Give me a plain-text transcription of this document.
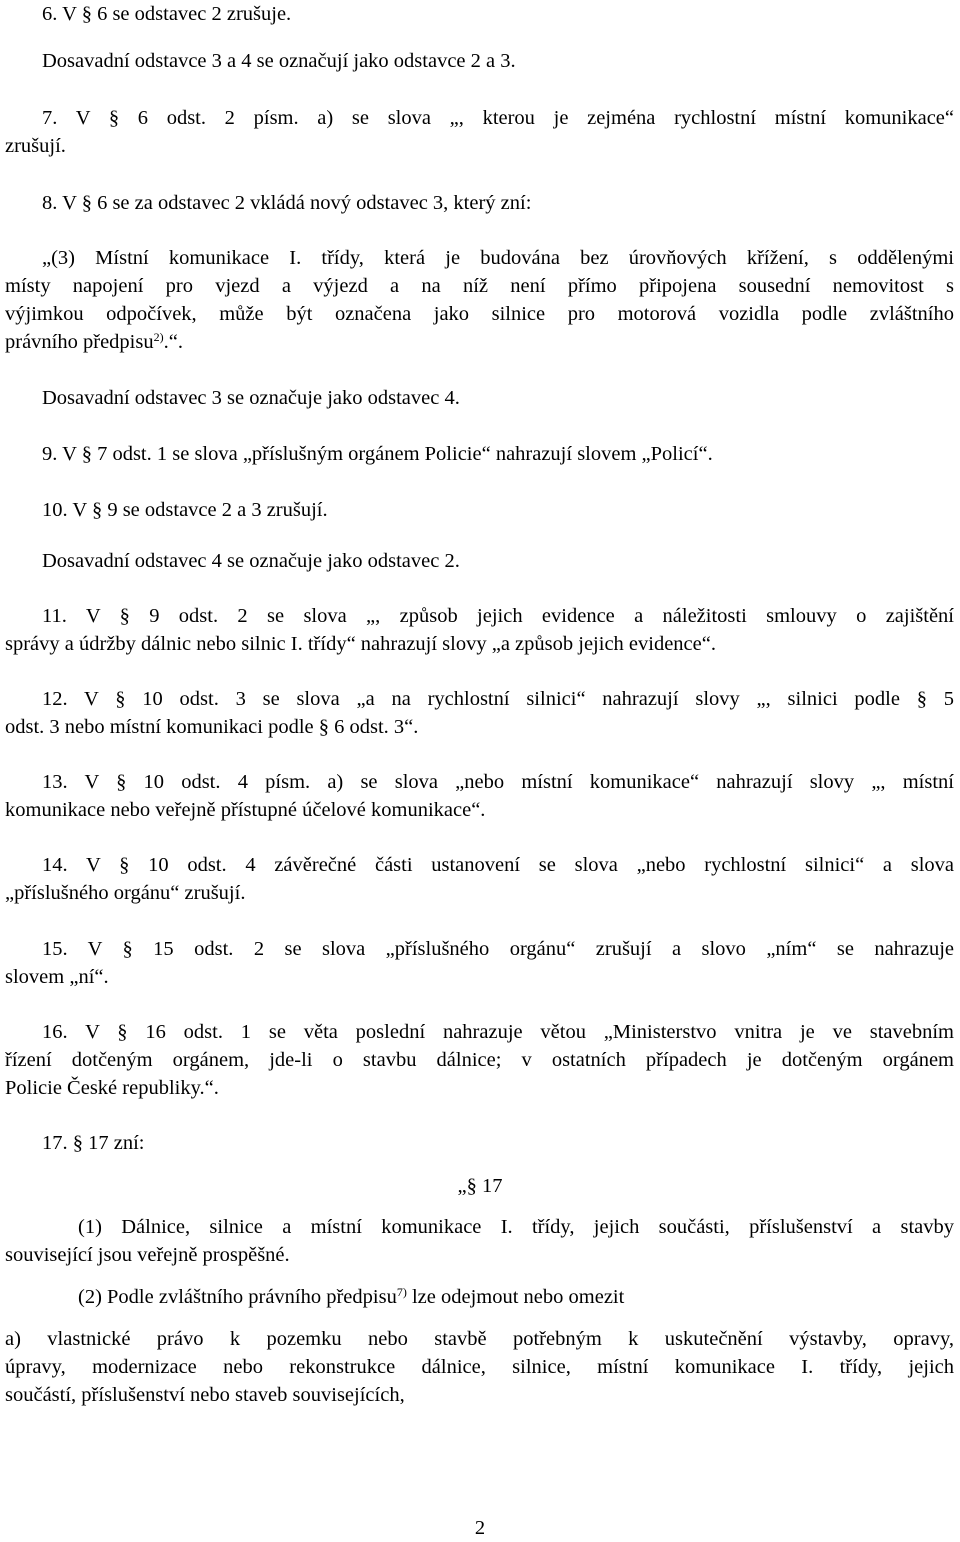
6. V § 6 se odstavec 2 zrušuje.
Dosavadní odstavce 3 a 4 se označují jako odstavce 2 a 3.
7. V § 6 odst. 2 písm. a) se slova „, kterou je zejména rychlostní místní komunikace“
zrušují.
8. V § 6 se za odstavec 2 vkládá nový odstavec 3, který zní:
„(3) Místní komunikace I. třídy, která je budována bez úrovňových křížení, s oddělenými
místy napojení pro vjezd a výjezd a na níž není přímo připojena sousední nemovitost s
výjimkou odpočívek, může být označena jako silnice pro motorová vozidla podle zvláštního
právního předpisu$^{2)}$.“.
Dosavadní odstavec 3 se označuje jako odstavec 4.
9. V § 7 odst. 1 se slova „příslušným orgánem Policie“ nahrazují slovem „Policí“.
10. V § 9 se odstavce 2 a 3 zrušují.
Dosavadní odstavec 4 se označuje jako odstavec 2.
11. V § 9 odst. 2 se slova „, způsob jejich evidence a náležitosti smlouvy o zajištění
správy a údržby dálnic nebo silnic I. třídy“ nahrazují slovy „a způsob jejich evidence“.
12. V § 10 odst. 3 se slova „a na rychlostní silnici“ nahrazují slovy „, silnici podle § 5
odst. 3 nebo místní komunikaci podle § 6 odst. 3“.
13. V § 10 odst. 4 písm. a) se slova „nebo místní komunikace“ nahrazují slovy „, místní
komunikace nebo veřejně přístupné účelové komunikace“.
14. V § 10 odst. 4 závěrečné části ustanovení se slova „nebo rychlostní silnici“ a slova
„příslušného orgánu“ zrušují.
15. V § 15 odst. 2 se slova „příslušného orgánu“ zrušují a slovo „ním“ se nahrazuje
slovem „ní“.
16. V § 16 odst. 1 se věta poslední nahrazuje větou „Ministerstvo vnitra je ve stavebním
řízení dotčeným orgánem, jde-li o stavbu dálnice; v ostatních případech je dotčeným orgánem
Policie České republiky.“.
17. § 17 zní:
„§ 17
(1) Dálnice, silnice a místní komunikace I. třídy, jejich součásti, příslušenství a stavby
související jsou veřejně prospěšné.
(2) Podle zvláštního právního předpisu$^{7)}$ lze odejmout nebo omezit
a) vlastnické právo k pozemku nebo stavbě potřebným k uskutečnění výstavby, opravy,
úpravy, modernizace nebo rekonstrukce dálnice, silnice, místní komunikace I. třídy, jejich
součástí, příslušenství nebo staveb souvisejících,
2
